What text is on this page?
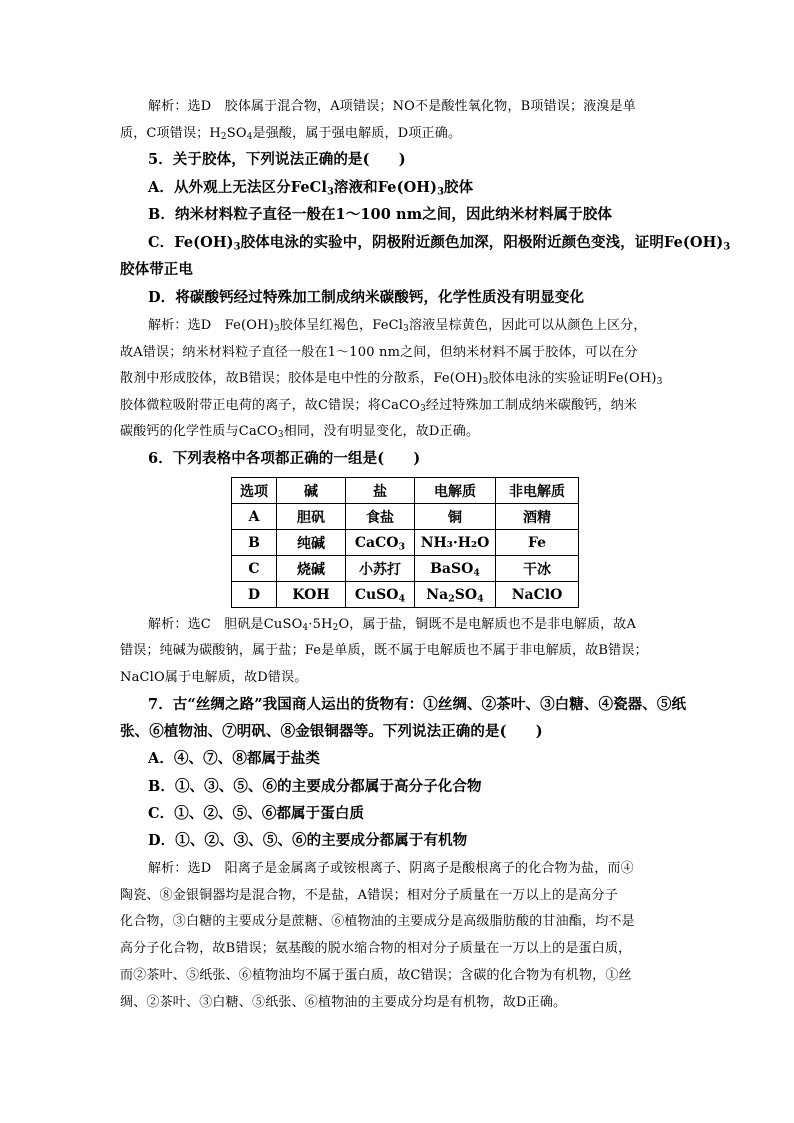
解析：选D　胶体属于混合物，A项错误；NO不是酸性氧化物，B项错误；液溴是单
质，C项错误；$H_2SO_4$是强酸，属于强电解质，D项正确。
5．关于胶体，下列说法正确的是(　　)
A．从外观上无法区分FeCl$_3$溶液和$Fe(OH)_3$胶体
B．纳米材料粒子直径一般在1～100 nm之间，因此纳米材料属于胶体
C．$Fe(OH)_3$胶体电泳的实验中，阴极附近颜色加深，阳极附近颜色变浅，证明$Fe(OH)_3$
胶体带正电
D．将碳酸钙经过特殊加工制成纳米碳酸钙，化学性质没有明显变化
解析：选D　$Fe(OH)_3$胶体呈红褐色，FeCl$_3$溶液呈棕黄色，因此可以从颜色上区分，
故A错误；纳米材料粒子直径一般在1～100 nm之间，但纳米材料不属于胶体，可以在分
散剂中形成胶体，故B错误；胶体是电中性的分散系，$Fe(OH)_3$胶体电泳的实验证明$Fe(OH)_3$
胶体微粒吸附带正电荷的离子，故C错误；将CaCO$_3$经过特殊加工制成纳米碳酸钙，纳米
碳酸钙的化学性质与CaCO$_3$相同，没有明显变化，故D正确。
6．下列表格中各项都正确的一组是(　　)
选项	碱	盐	电解质	非电解质
A	胆矾	食盐	铜	酒精
B	纯碱	CaCO$_3$	NH₃·H₂O	Fe
C	烧碱	小苏打	BaSO$_4$	干冰
D	KOH	CuSO$_4$	$Na_2SO_4$	NaClO
解析：选C　胆矾是$CuSO_4\cdot 5H_2O$，属于盐，铜既不是电解质也不是非电解质，故A
错误；纯碱为碳酸钠，属于盐；Fe是单质，既不属于电解质也不属于非电解质，故B错误；
NaClO属于电解质，故D错误。
7．古“丝绸之路”我国商人运出的货物有：①丝绸、②茶叶、③白糖、④瓷器、⑤纸
张、⑥植物油、⑦明矾、⑧金银铜器等。下列说法正确的是(　　)
A．④、⑦、⑧都属于盐类
B．①、③、⑤、⑥的主要成分都属于高分子化合物
C．①、②、⑤、⑥都属于蛋白质
D．①、②、③、⑤、⑥的主要成分都属于有机物
解析：选D　阳离子是金属离子或铵根离子、阴离子是酸根离子的化合物为盐，而④
陶瓷、⑧金银铜器均是混合物，不是盐，A错误；相对分子质量在一万以上的是高分子
化合物，③白糖的主要成分是蔗糖、⑥植物油的主要成分是高级脂肪酸的甘油酯，均不是
高分子化合物，故B错误；氨基酸的脱水缩合物的相对分子质量在一万以上的是蛋白质，
而②茶叶、⑤纸张、⑥植物油均不属于蛋白质，故C错误；含碳的化合物为有机物，①丝
绸、②茶叶、③白糖、⑤纸张、⑥植物油的主要成分均是有机物，故D正确。
